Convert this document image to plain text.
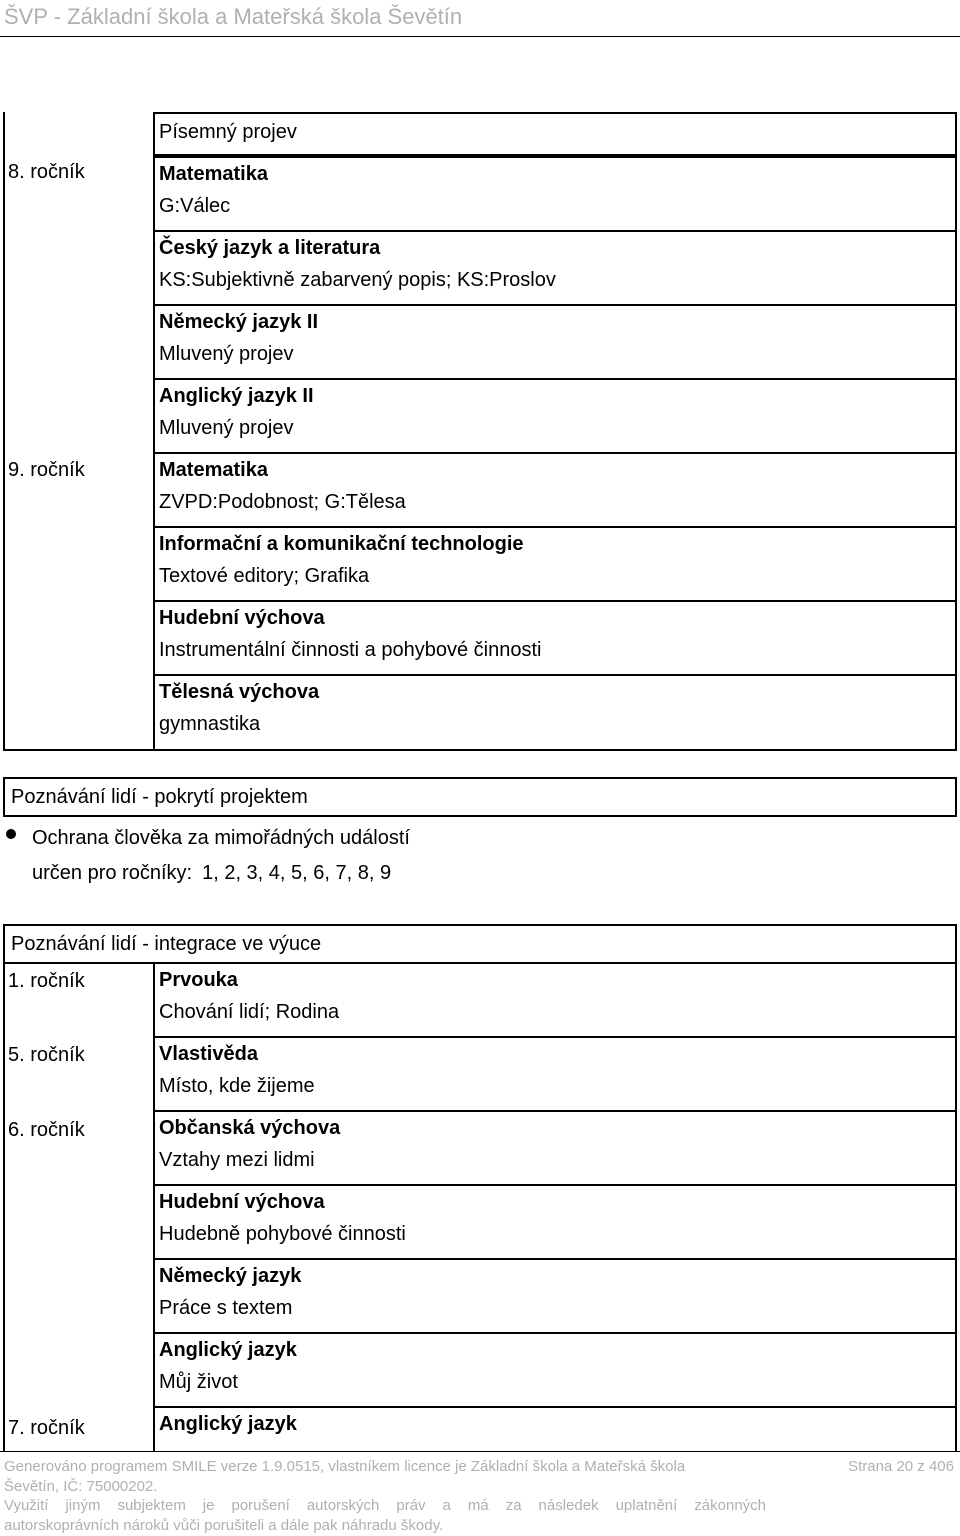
ŠVP - Základní škola a Mateřská škola Ševětín
Písemný projev
8. ročník	Matematika
G:Válec
Český jazyk a literatura
KS:Subjektivně zabarvený popis; KS:Proslov
Německý jazyk II
Mluvený projev
Anglický jazyk II
Mluvený projev
9. ročník	Matematika
ZVPD:Podobnost; G:Tělesa
Informační a komunikační technologie
Textové editory; Grafika
Hudební výchova
Instrumentální činnosti a pohybové činnosti
Tělesná výchova
gymnastika
Poznávání lidí - pokrytí projektem
Ochrana člověka za mimořádných událostí
určen pro ročníky: 1, 2, 3, 4, 5, 6, 7, 8, 9
Poznávání lidí - integrace ve výuce
1. ročník	Prvouka
Chování lidí; Rodina
5. ročník	Vlastivěda
Místo, kde žijeme
6. ročník	Občanská výchova
Vztahy mezi lidmi
Hudební výchova
Hudebně pohybové činnosti
Německý jazyk
Práce s textem
Anglický jazyk
Můj život
7. ročník	Anglický jazyk
Generováno programem SMILE verze 1.9.0515, vlastníkem licence je Základní škola a Mateřská škola	Strana 20 z 406
Ševětín, IČ: 75000202.
Využití jiným subjektem je porušení autorských práv a má za následek uplatnění zákonných
autorskoprávních nároků vůči porušiteli a dále pak náhradu škody.
